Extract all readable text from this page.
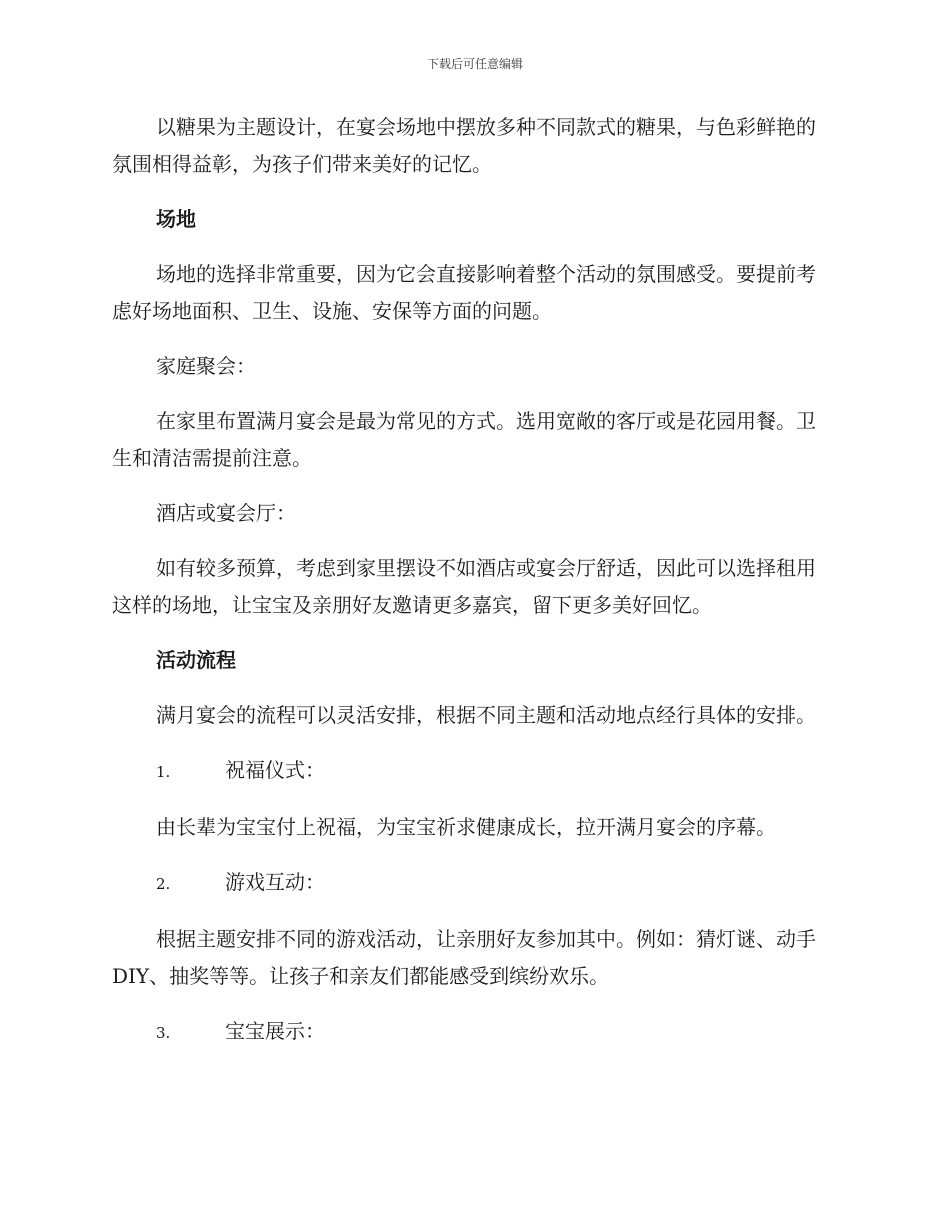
下载后可任意编辑

以糖果为主题设计，在宴会场地中摆放多种不同款式的糖果，与色彩鲜艳的氛围相得益彰，为孩子们带来美好的记忆。

场地

场地的选择非常重要，因为它会直接影响着整个活动的氛围感受。要提前考虑好场地面积、卫生、设施、安保等方面的问题。

家庭聚会：

在家里布置满月宴会是最为常见的方式。选用宽敞的客厅或是花园用餐。卫生和清洁需提前注意。

酒店或宴会厅：

如有较多预算，考虑到家里摆设不如酒店或宴会厅舒适，因此可以选择租用这样的场地，让宝宝及亲朋好友邀请更多嘉宾，留下更多美好回忆。

活动流程

满月宴会的流程可以灵活安排，根据不同主题和活动地点经行具体的安排。

1.	祝福仪式：

由长辈为宝宝付上祝福，为宝宝祈求健康成长，拉开满月宴会的序幕。

2.	游戏互动：

根据主题安排不同的游戏活动，让亲朋好友参加其中。例如：猜灯谜、动手 DIY、抽奖等等。让孩子和亲友们都能感受到缤纷欢乐。

3.	宝宝展示：
